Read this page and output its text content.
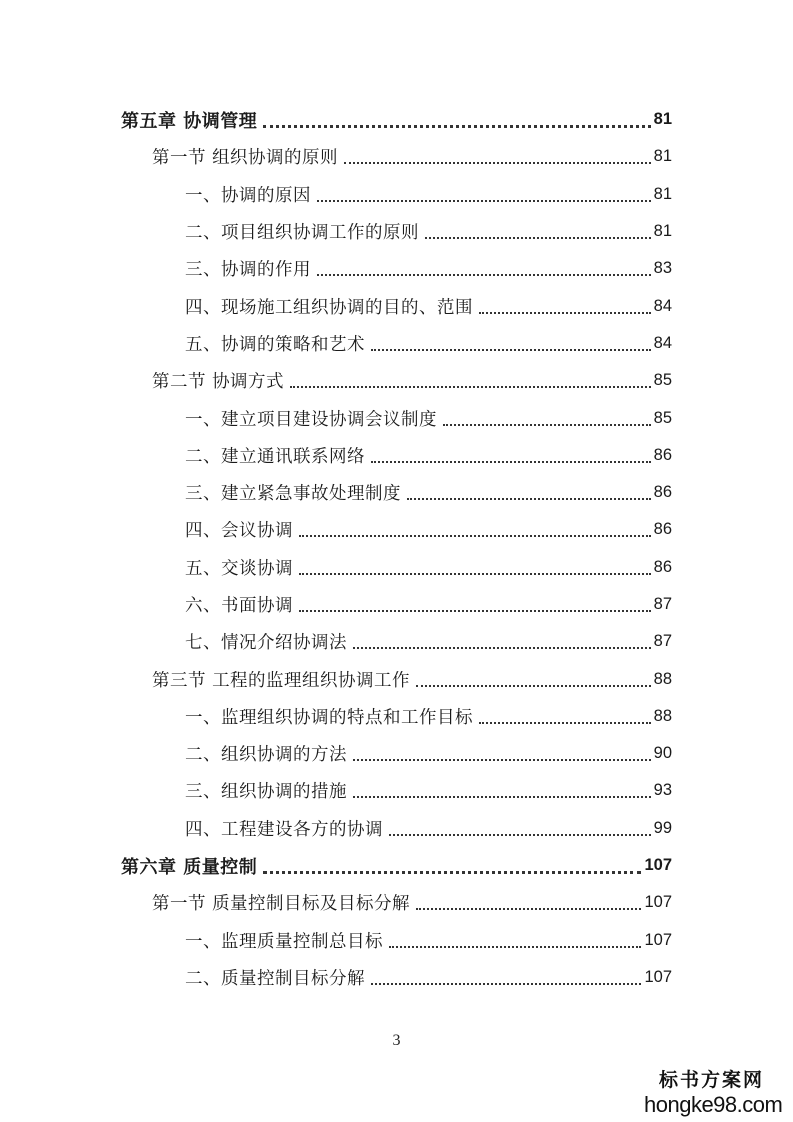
第五章 协调管理	81
第一节 组织协调的原则	81
一、协调的原因	81
二、项目组织协调工作的原则	81
三、协调的作用	83
四、现场施工组织协调的目的、范围	84
五、协调的策略和艺术	84
第二节 协调方式	85
一、建立项目建设协调会议制度	85
二、建立通讯联系网络	86
三、建立紧急事故处理制度	86
四、会议协调	86
五、交谈协调	86
六、书面协调	87
七、情况介绍协调法	87
第三节 工程的监理组织协调工作	88
一、监理组织协调的特点和工作目标	88
二、组织协调的方法	90
三、组织协调的措施	93
四、工程建设各方的协调	99
第六章 质量控制	107
第一节 质量控制目标及目标分解	107
一、监理质量控制总目标	107
二、质量控制目标分解	107
3
标书方案网
hongke98.com
